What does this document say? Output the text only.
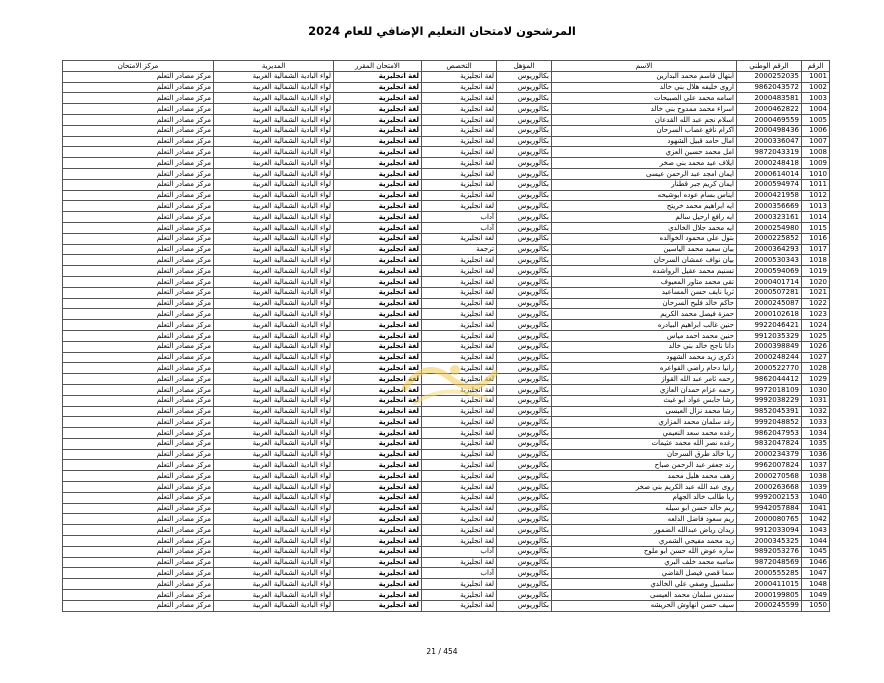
المرشحون لامتحان التعليم الإضافي للعام 2024
الرقم	الرقم الوطني	الاسم	المؤهل	التخصص	الامتحان المقرر	المديرية	مركز الامتحان
1001	2000252035	ابتهال قاسم محمد البدارين	بكالوريوس	لغة انجليزية	لغة انجليزية	لواء البادية الشمالية الغربية	مركز مصادر التعلم
1002	9862043572	اروى خليفه هلال بني خالد	بكالوريوس	لغة انجليزية	لغة انجليزية	لواء البادية الشمالية الغربية	مركز مصادر التعلم
1003	2000483581	اسامه محمد علي الصبيحات	بكالوريوس	لغة انجليزية	لغة انجليزية	لواء البادية الشمالية الغربية	مركز مصادر التعلم
1004	2000462822	اسراء محمد ممدوح بني خالد	بكالوريوس	لغة انجليزية	لغة انجليزية	لواء البادية الشمالية الغربية	مركز مصادر التعلم
1005	2000469559	اسلام نجم عبد الله القدعان	بكالوريوس	لغة انجليزية	لغة انجليزية	لواء البادية الشمالية الغربية	مركز مصادر التعلم
1006	2000498436	اكرام نافع غصاب السرحان	بكالوريوس	لغة انجليزية	لغة انجليزية	لواء البادية الشمالية الغربية	مركز مصادر التعلم
1007	2000336047	امال حامد قبيل الشهود	بكالوريوس	لغة انجليزية	لغة انجليزية	لواء البادية الشمالية الغربية	مركز مصادر التعلم
1008	9872043319	امل محمد حسين العزي	بكالوريوس	لغة انجليزية	لغة انجليزية	لواء البادية الشمالية الغربية	مركز مصادر التعلم
1009	2000248418	ايلاف عيد محمد بني صخر	بكالوريوس	لغة انجليزية	لغة انجليزية	لواء البادية الشمالية الغربية	مركز مصادر التعلم
1010	2000614014	ايمان امجد عبد الرحمن عيسى	بكالوريوس	لغة انجليزية	لغة انجليزية	لواء البادية الشمالية الغربية	مركز مصادر التعلم
1011	2000594974	ايمان كريم جبر قطنار	بكالوريوس	لغة انجليزية	لغة انجليزية	لواء البادية الشمالية الغربية	مركز مصادر التعلم
1012	2000421958	ايناس بسام عوده ابوشيحه	بكالوريوس	لغة انجليزية	لغة انجليزية	لواء البادية الشمالية الغربية	مركز مصادر التعلم
1013	2000356669	ايه ابراهيم محمد خريتح	بكالوريوس	لغة انجليزية	لغة انجليزية	لواء البادية الشمالية الغربية	مركز مصادر التعلم
1014	2000323161	ايه رافع ارحيل سالم	بكالوريوس	آداب	لغة انجليزية	لواء البادية الشمالية الغربية	مركز مصادر التعلم
1015	2000254980	ايه محمد جلال الخالدي	بكالوريوس	آداب	لغة انجليزية	لواء البادية الشمالية الغربية	مركز مصادر التعلم
1016	2000225852	بتول علي محمود الخوالده	بكالوريوس	لغة انجليزية	لغة انجليزية	لواء البادية الشمالية الغربية	مركز مصادر التعلم
1017	2000364293	بيان سعيد محمد الياسين	بكالوريوس	ترجمة	لغة انجليزية	لواء البادية الشمالية الغربية	مركز مصادر التعلم
1018	2000530343	بيان نواف عمشان السرحان	بكالوريوس	لغة انجليزية	لغة انجليزية	لواء البادية الشمالية الغربية	مركز مصادر التعلم
1019	2000594069	تسنيم محمد عقيل الرواشده	بكالوريوس	لغة انجليزية	لغة انجليزية	لواء البادية الشمالية الغربية	مركز مصادر التعلم
1020	2000401714	تقى محمد متاور المعيوف	بكالوريوس	لغة انجليزية	لغة انجليزية	لواء البادية الشمالية الغربية	مركز مصادر التعلم
1021	2000507281	ثريا نايف حسن المساعيد	بكالوريوس	لغة انجليزية	لغة انجليزية	لواء البادية الشمالية الغربية	مركز مصادر التعلم
1022	2000245087	حاكم خالد فليح السرحان	بكالوريوس	لغة انجليزية	لغة انجليزية	لواء البادية الشمالية الغربية	مركز مصادر التعلم
1023	2000102618	حمزة فيصل محمد الكريم	بكالوريوس	لغة انجليزية	لغة انجليزية	لواء البادية الشمالية الغربية	مركز مصادر التعلم
1024	9922046421	حنين غالب ابراهيم البيادره	بكالوريوس	لغة انجليزية	لغة انجليزية	لواء البادية الشمالية الغربية	مركز مصادر التعلم
1025	9912035329	حنين محمد احمد مياس	بكالوريوس	لغة انجليزية	لغة انجليزية	لواء البادية الشمالية الغربية	مركز مصادر التعلم
1026	2000398849	دانا ناجح خالد بني خالد	بكالوريوس	لغة انجليزية	لغة انجليزية	لواء البادية الشمالية الغربية	مركز مصادر التعلم
1027	2000248244	ذكرى زيد محمد الشهود	بكالوريوس	لغة انجليزية	لغة انجليزية	لواء البادية الشمالية الغربية	مركز مصادر التعلم
1028	2000522770	رانيا دحام راضي القواعره	بكالوريوس	لغة انجليزية	لغة انجليزية	لواء البادية الشمالية الغربية	مركز مصادر التعلم
1029	9862044412	رحمه ثامر عبد الله القواز	بكالوريوس	لغة انجليزية	لغة انجليزية	لواء البادية الشمالية الغربية	مركز مصادر التعلم
1030	9972018109	رحمه عزام حمدان العازي	بكالوريوس	لغة انجليزية	لغة انجليزية	لواء البادية الشمالية الغربية	مركز مصادر التعلم
1031	9992038229	رشا حابس عواد ابو غيث	بكالوريوس	لغة انجليزية	لغة انجليزية	لواء البادية الشمالية الغربية	مركز مصادر التعلم
1032	9852045391	رشا محمد نزال العيسى	بكالوريوس	لغة انجليزية	لغة انجليزية	لواء البادية الشمالية الغربية	مركز مصادر التعلم
1033	9992048852	رغد سلمان محمد المزاري	بكالوريوس	لغة انجليزية	لغة انجليزية	لواء البادية الشمالية الغربية	مركز مصادر التعلم
1034	9862047953	رغده محمد سعد النعيمي	بكالوريوس	لغة انجليزية	لغة انجليزية	لواء البادية الشمالية الغربية	مركز مصادر التعلم
1035	9832047824	رغده نصر الله محمد عثيمات	بكالوريوس	لغة انجليزية	لغة انجليزية	لواء البادية الشمالية الغربية	مركز مصادر التعلم
1036	2000234379	ربا خالد طرق السرحان	بكالوريوس	لغة انجليزية	لغة انجليزية	لواء البادية الشمالية الغربية	مركز مصادر التعلم
1037	9962007824	رند جعفر عبد الرحمن صباح	بكالوريوس	لغة انجليزية	لغة انجليزية	لواء البادية الشمالية الغربية	مركز مصادر التعلم
1038	2000270568	زهف محمد هليل محمد	بكالوريوس	لغة انجليزية	لغة انجليزية	لواء البادية الشمالية الغربية	مركز مصادر التعلم
1039	2000263668	روى عبد الله عبد الكريم بني صخر	بكالوريوس	لغة انجليزية	لغة انجليزية	لواء البادية الشمالية الغربية	مركز مصادر التعلم
1040	9992002153	ريا طالب خالد الجهام	بكالوريوس	لغة انجليزية	لغة انجليزية	لواء البادية الشمالية الغربية	مركز مصادر التعلم
1041	9942057884	ريم خالد حسن ابو سيله	بكالوريوس	لغة انجليزية	لغة انجليزية	لواء البادية الشمالية الغربية	مركز مصادر التعلم
1042	2000080765	ريم سعود فاضل الدلعه	بكالوريوس	لغة انجليزية	لغة انجليزية	لواء البادية الشمالية الغربية	مركز مصادر التعلم
1043	9912033094	زيدان رياض عبدالله الضمور	بكالوريوس	لغة انجليزية	لغة انجليزية	لواء البادية الشمالية الغربية	مركز مصادر التعلم
1044	2000345325	زيد محمد مفيحي الشمري	بكالوريوس	لغة انجليزية	لغة انجليزية	لواء البادية الشمالية الغربية	مركز مصادر التعلم
1045	9892053276	ساره عوض الله حسن ابو ملوح	بكالوريوس	آداب	لغة انجليزية	لواء البادية الشمالية الغربية	مركز مصادر التعلم
1046	9872048569	سامبه محمد خلف البري	بكالوريوس	لغة انجليزية	لغة انجليزية	لواء البادية الشمالية الغربية	مركز مصادر التعلم
1047	2000555285	سما قصي فيصل القاضي	بكالوريوس	آداب	لغة انجليزية	لواء البادية الشمالية الغربية	مركز مصادر التعلم
1048	2000411015	سلسبيل وصفي علي الخالدي	بكالوريوس	لغة انجليزية	لغة انجليزية	لواء البادية الشمالية الغربية	مركز مصادر التعلم
1049	2000199805	سندس سلمان محمد العيسى	بكالوريوس	لغة انجليزية	لغة انجليزية	لواء البادية الشمالية الغربية	مركز مصادر التعلم
1050	2000245599	سيف حسن انهاوش الحريشه	بكالوريوس	لغة انجليزية	لغة انجليزية	لواء البادية الشمالية الغربية	مركز مصادر التعلم
21 / 454
